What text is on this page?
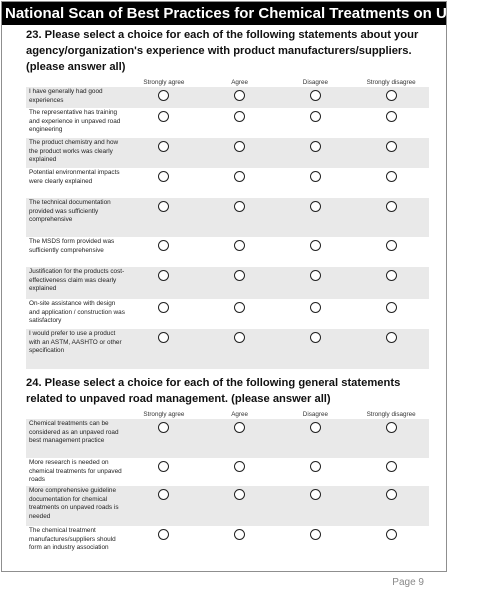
National Scan of Best Practices for Chemical Treatments on Unpaved
23. Please select a choice for each of the following statements about your agency/organization's experience with product manufacturers/suppliers. (please answer all)
Strongly agree	Agree	Disagree	Strongly disagree
I have generally had good experiences
The representative has training and experience in unpaved road engineering
The product chemistry and how the product works was clearly explained
Potential environmental impacts were clearly explained
The technical documentation provided was sufficiently comprehensive
The MSDS form provided was sufficiently comprehensive
Justification for the products cost-effectiveness claim was clearly explained
On-site assistance with design and application / construction was satisfactory
I would prefer to use a product with an ASTM, AASHTO or other specification
24. Please select a choice for each of the following general statements related to unpaved road management. (please answer all)
Strongly agree	Agree	Disagree	Strongly disagree
Chemical treatments can be considered as an unpaved road best management practice
More research is needed on chemical treatments for unpaved roads
More comprehensive guideline documentation for chemical treatments on unpaved roads is needed
The chemical treatment manufactures/suppliers should form an industry association
Page 9
